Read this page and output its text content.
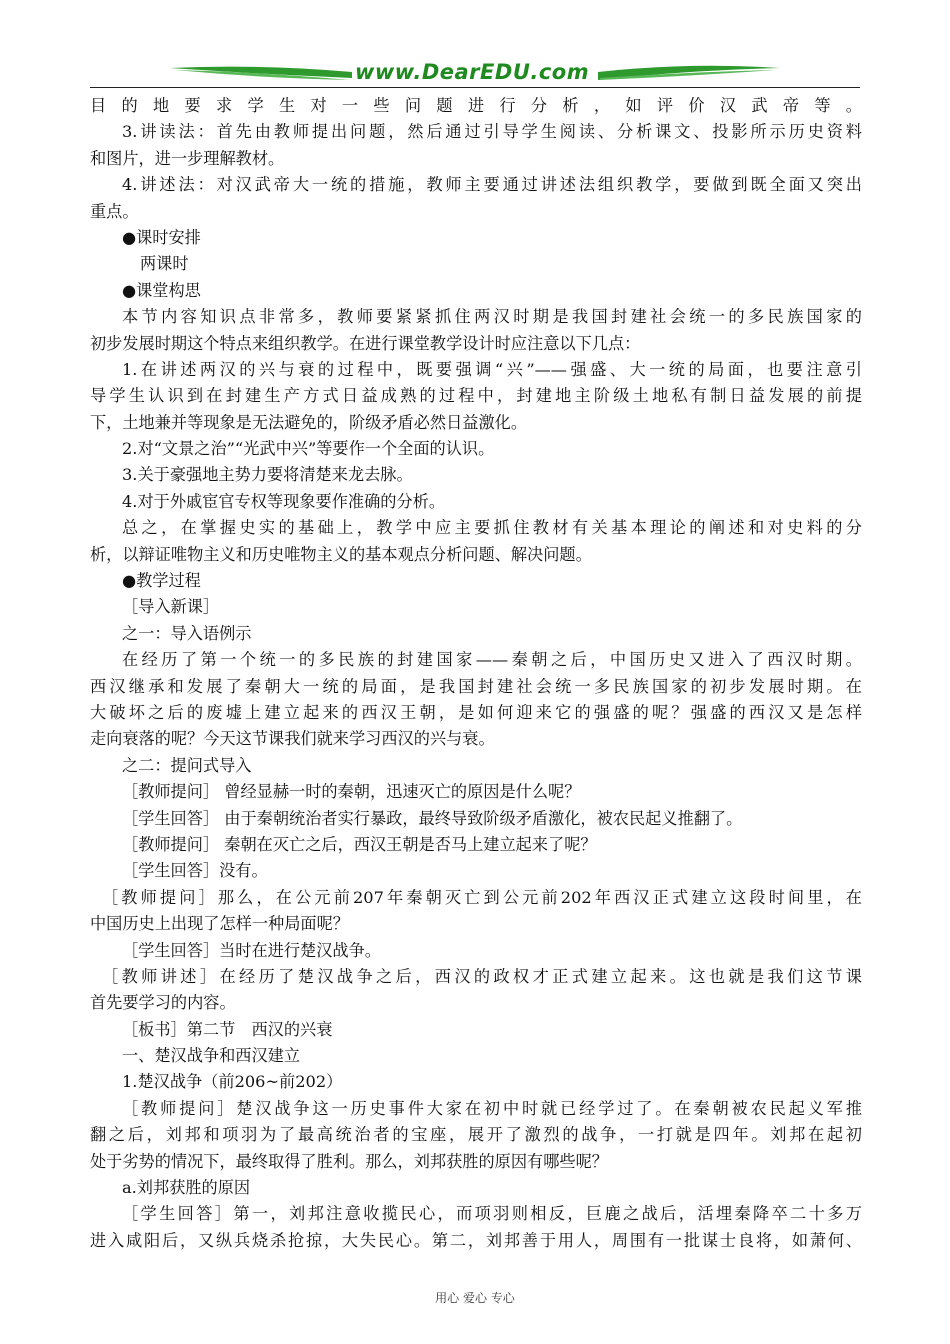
www.DearEDU.com
目的地要求学生对一些问题进行分析，如评价汉武帝等。
3.讲读法：首先由教师提出问题，然后通过引导学生阅读、分析课文、投影所示历史资料
和图片，进一步理解教材。
4.讲述法：对汉武帝大一统的措施，教师主要通过讲述法组织教学，要做到既全面又突出
重点。
●课时安排
两课时
●课堂构思
本节内容知识点非常多，教师要紧紧抓住两汉时期是我国封建社会统一的多民族国家的
初步发展时期这个特点来组织教学。在进行课堂教学设计时应注意以下几点：
1.在讲述两汉的兴与衰的过程中，既要强调“兴”——强盛、大一统的局面，也要注意引
导学生认识到在封建生产方式日益成熟的过程中，封建地主阶级土地私有制日益发展的前提
下，土地兼并等现象是无法避免的，阶级矛盾必然日益激化。
2.对“文景之治”“光武中兴”等要作一个全面的认识。
3.关于豪强地主势力要将清楚来龙去脉。
4.对于外戚宦官专权等现象要作准确的分析。
总之，在掌握史实的基础上，教学中应主要抓住教材有关基本理论的阐述和对史料的分
析，以辩证唯物主义和历史唯物主义的基本观点分析问题、解决问题。
●教学过程
［导入新课］
之一：导入语例示
在经历了第一个统一的多民族的封建国家——秦朝之后，中国历史又进入了西汉时期。
西汉继承和发展了秦朝大一统的局面，是我国封建社会统一多民族国家的初步发展时期。在
大破坏之后的废墟上建立起来的西汉王朝，是如何迎来它的强盛的呢？强盛的西汉又是怎样
走向衰落的呢？今天这节课我们就来学习西汉的兴与衰。
之二：提问式导入
［教师提问］ 曾经显赫一时的秦朝，迅速灭亡的原因是什么呢？
［学生回答］ 由于秦朝统治者实行暴政，最终导致阶级矛盾激化，被农民起义推翻了。
［教师提问］ 秦朝在灭亡之后，西汉王朝是否马上建立起来了呢？
［学生回答］没有。
［教师提问］那么，在公元前207年秦朝灭亡到公元前202年西汉正式建立这段时间里，在
中国历史上出现了怎样一种局面呢？
［学生回答］当时在进行楚汉战争。
［教师讲述］在经历了楚汉战争之后，西汉的政权才正式建立起来。这也就是我们这节课
首先要学习的内容。
［板书］第二节　西汉的兴衰
一、楚汉战争和西汉建立
1.楚汉战争（前206~前202）
［教师提问］楚汉战争这一历史事件大家在初中时就已经学过了。在秦朝被农民起义军推
翻之后，刘邦和项羽为了最高统治者的宝座，展开了激烈的战争，一打就是四年。刘邦在起初
处于劣势的情况下，最终取得了胜利。那么，刘邦获胜的原因有哪些呢？
a.刘邦获胜的原因
［学生回答］第一，刘邦注意收揽民心，而项羽则相反，巨鹿之战后，活埋秦降卒二十多万
进入咸阳后，又纵兵烧杀抢掠，大失民心。第二，刘邦善于用人，周围有一批谋士良将，如萧何、
用心 爱心 专心
